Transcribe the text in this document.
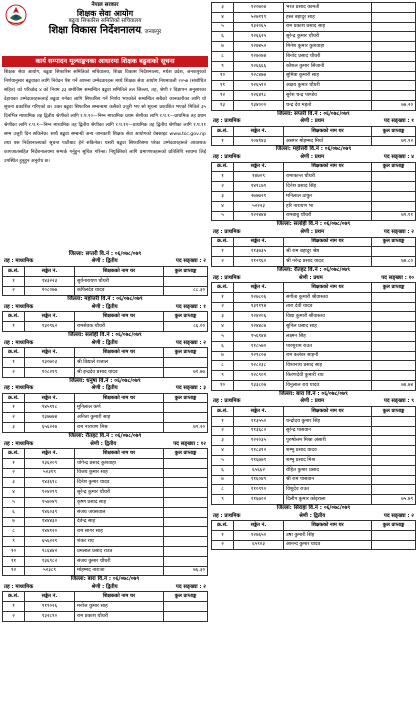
नेपाल सरकार
शिक्षक सेवा आयोग
बढुवा सिफारिस समितिको सचिवालय
शिक्षा विकास निर्देशनालय, जनकपुर
कार्य सम्पादन मूल्याङ्कनका आधारमा शिक्षक बढुवाको सूचना
शिक्षक सेवा आयोग, बढुवा सिफारिस समितिको सचिवालय, शिक्षा विकास निर्देशनालय, मधेश प्रदेश, जनकपुरको निर्णयानुसार बढुवाका लागि निवेदन पेश गर्ने आफ्ना उम्मेदवारहरू मध्ये शिक्षक सेवा आयोग नियमावली २०५७ (संशोधित सहित) को परिच्छेद ४ को नियम ३३ बमोजिम सम्बन्धित बढुवा समितिले तल जिल्ला, तह, श्रेणी र विज्ञापन अनुसारका देहायका उम्मेदवारहरूलाई बढुवा गर्नका लागि सिफारिस गर्ने निर्णय भएकोले सम्बन्धित सबैको जानकारीका लागि यो सूचना प्रकाशित गरिएको छ। उक्त बढुवा सिफारिस सम्बन्धमा कसैको उजुरी भए सो सूचना प्रकाशित भएको मितिले ३५ दिनभित्र माध्यमिक तह द्वितीय श्रेणीको लागि र.प.१०—निम्न माध्यमिक प्रथम श्रेणीका लागि र.प.९—प्राथमिक तह प्रथम श्रेणीका लागि र.प.९—निम्न माध्यमिक तह द्वितीय श्रेणीका लागि र.प.११—प्राथमिक तह द्वितीय श्रेणीका लागि र.प.११ सम्म उजुरी दिन सकिनेछ। साथै बढुवा सम्बन्धी अन्य जानकारी शिक्षक सेवा आयोगको वेबसाइट www.tsc.gov.np तथा यस निर्देशनालयको सूचना पाटीबाट हेर्न सकिनेछ। यसरी बढुवा सिफारिसमा परेका उम्मेदवारहरूले आवश्यक कागजातसहित निर्देशनालयमा सम्पर्क गर्नुहुन सूचित गरिन्छ। नियुक्तिको लागि प्रमाणपत्रहरूको प्रतिलिपि साथमा लिई उपस्थित हुनुहुन अनुरोध छ।
जिल्ला: सप्तरी वि.नं : ०६/०७८/०७९
तह : माध्यमिक	श्रेणी : द्वितीय	पद सङ्ख्या : २
क्र.सं.	सङ्केत नं.	शिक्षकको नाम थर	कुल प्राप्ताङ्क
१	१४३२२३	सुर्यनारायण चौधरी	
२	१०८०७७	कपिलदेव यादव	८८.३०
जिल्ला: महोत्तरी वि.नं : ०६/०७८/०७९
तह : माध्यमिक	श्रेणी : द्वितीय	पद सङ्ख्या : १
क्र.सं.	सङ्केत नं.	शिक्षकको नाम थर	कुल प्राप्ताङ्क
१	१३०९६२	रामसेवक चौधरी	८६.००
जिल्ला: सर्लाही वि.नं : ०६/०७८/०७९
तह : माध्यमिक	श्रेणी : द्वितीय	पद सङ्ख्या : २
क्र.सं.	सङ्केत नं.	शिक्षकको नाम थर	कुल प्राप्ताङ्क
१	१३०७०३	श्री विद्याले राजाल	
२	१०८२१९	श्री इन्द्रदेव प्रसाद यादव	७१.७७
जिल्ला: धनुषा वि.नं : ०६/०७८/०७९
तह : माध्यमिक	श्रेणी : द्वितीय	पद सङ्ख्या : ३
क्र.सं.	सङ्केत नं.	शिक्षकको नाम थर	कुल प्राप्ताङ्क
१	१४५९१८	मुनिलाल कर्ण	
२	१३७७७४	अनिता कुमारी साह	
३	६५६२२७	राम नारायण मिश्र	७९.२०
जिल्ला: रौतहट वि.नं : ०६/०७८/०७९
तह : माध्यमिक	श्रेणी : द्वितीय	पद सङ्ख्या : १२
क्र.सं.	सङ्केत नं.	शिक्षकको नाम थर	कुल प्राप्ताङ्क
१	१३६२०९	योगेन्द्र प्रसाद कुशवाहा	
२	५२३१९	विजय कुमार साह	
३	१४३६१८	दिनेश कुमार यादव	
४	१२४२९९	सुरेन्द्र कुमार चौधरी	
५	१५७०४९	कृष्ण प्रसाद साह	
६	१४६०३९	संजय जयसवाल	
७	१४४४३०	देवेन्द्र साह	
८	१४४१२०	राम सागर साह	
९	६५६२२१	शंकर राय	
१०	१८६४४२	प्रमलाल प्रसाद राउत	
११	१३६९८२	संजय कुमार चौधरी	
१२	५२३८९	मोहम्मद नाराजा	७६.३०
जिल्ला: बारा वि.नं : ०६/०७८/०७९
तह : माध्यमिक	श्रेणी : द्वितीय	पद सङ्ख्या : २
क्र.सं.	सङ्केत नं.	शिक्षकको नाम थर	कुल प्राप्ताङ्क
१	११९०२६	मनोज कुमार साह	
२	१३२८९०	राम प्रकाश चौधरी	
३	१२०७०७	भरत प्रसाद कामती	
४	५२७११९	हस्त बहादुर साह	
५	१३२०६५	राम प्रकाश प्रसाद साह	
६	१२६६२५	सुरेन्द्र कुमार चौधरी	
७	१२७४५२	मिनेश कुमार कुशवाहा	
८	१२७०७४	बिनोद प्रसाद चौधरी	
९	१२६६६६	कौशल कुमार सिंजानी	
१०	१२८४७७	सुमित्रा कुमारी साह	
११	१२६५१०	अक्षय कुमार चौधरी	
१२	१२६४९८	सुरेश चन्द्र पाण्डेय	
१३	१३४०००	चन्द्र देव महतो	७७.२०
जिल्ला: सप्तरी वि.नं : ०६/०७८/०७९
तह : प्राथमिक	श्रेणी : प्रथम	पद सङ्ख्या : १
क्र.सं.	सङ्केत नं.	शिक्षकको नाम थर	कुल प्राप्ताङ्क
१	१०४१४३	असगर मोहम्मद मिर्या	७१.९२
जिल्ला: महोत्तरी वि.नं : ०६/०७८/०७९
तह : प्राथमिक	श्रेणी : प्रथम	पद सङ्ख्या : ४
क्र.सं.	सङ्केत नं.	शिक्षकको नाम थर	कुल प्राप्ताङ्क
१	१४७०९	रामाकान्त चौधरी	
२	१४१८७९	दिनेश प्रसाद सिंह	
३	२७७७२१	मनिलाल ठाकुर	
४	५२२२३	हरि नारायण भा	
५	१२२४४४	रामबाबु चौधरी	७१.११
जिल्ला: सर्लाही वि.नं : ०६/०७८/०७९
तह : प्राथमिक	श्रेणी : प्रथम	पद सङ्ख्या : २
क्र.सं.	सङ्केत नं.	शिक्षकको नाम थर	कुल प्राप्ताङ्क
१	११३७३५	श्री राम बहादुर श्रेष्ठ	
२	११२९६०	श्री नरेन्द्र प्रसाद यादव	७४.८०
जिल्ला: रौतहट वि.नं : ०६/०७८/०७९
तह : प्राथमिक	श्रेणी : प्रथम	पद सङ्ख्या : १०
क्र.सं.	सङ्केत नं.	शिक्षकको नाम थर	कुल प्राप्ताङ्क
१	१२७८०६	संगीता कुमारी श्रीवास्तव	
२	१३११९४	तारा देवी यादव	
३	१२४२०६	विद्या कुमारी श्रीवास्तव	
४	१२४४८७	सुनिल प्रसाद साह	
५	१५६९४४	लक्ष्मन सिंह	
६	११८५७०	पारशुराम राउत	
७	१२९८०७	राम कलेवर साहनी	
८	१२८२३८	विश्वनाथ प्रसाद साह	
९	१२८९०१	किरणदेवी कुमारी राय	
१०	१३३८०७	विनुलाल राय यादव	७४.७४
जिल्ला: बारा वि.नं : ०६/०७८/०७९
तह : प्राथमिक	श्रेणी : प्रथम	पद सङ्ख्या : ९
क्र.सं.	सङ्केत नं.	शिक्षकको नाम थर	कुल प्राप्ताङ्क
१	११३५५०	चन्द्रोदय कुमार सिंह	
२	११३६८२	सुरेन्द्र पासवान	
३	१२२०३५	पुरुषोत्तम मिश्रा अंसारी	
४	११८३१२	शम्भु प्रसाद यादव	
५	११६७७९	शम्भु प्रसाद मिश्र	
६	६५६६२	रोहित कुमार प्रसाद	
७	११६०४९	श्री राम पासवान	
८	११०९९०	विशुदेव राउत	
९	११६७०२	दिलीप कुमार कोइराला	७५.७९
जिल्ला: सिराहा वि.नं : ०६/०७८/०७९
तह : प्राथमिक	श्रेणी : द्वितीय	पद सङ्ख्या : २
क्र.सं.	सङ्केत नं.	शिक्षकको नाम थर	कुल प्राप्ताङ्क
१	१२७६५०	उषा कुमारी सिंह	
२	६५९०३	आनन्द कुमार यादव	
